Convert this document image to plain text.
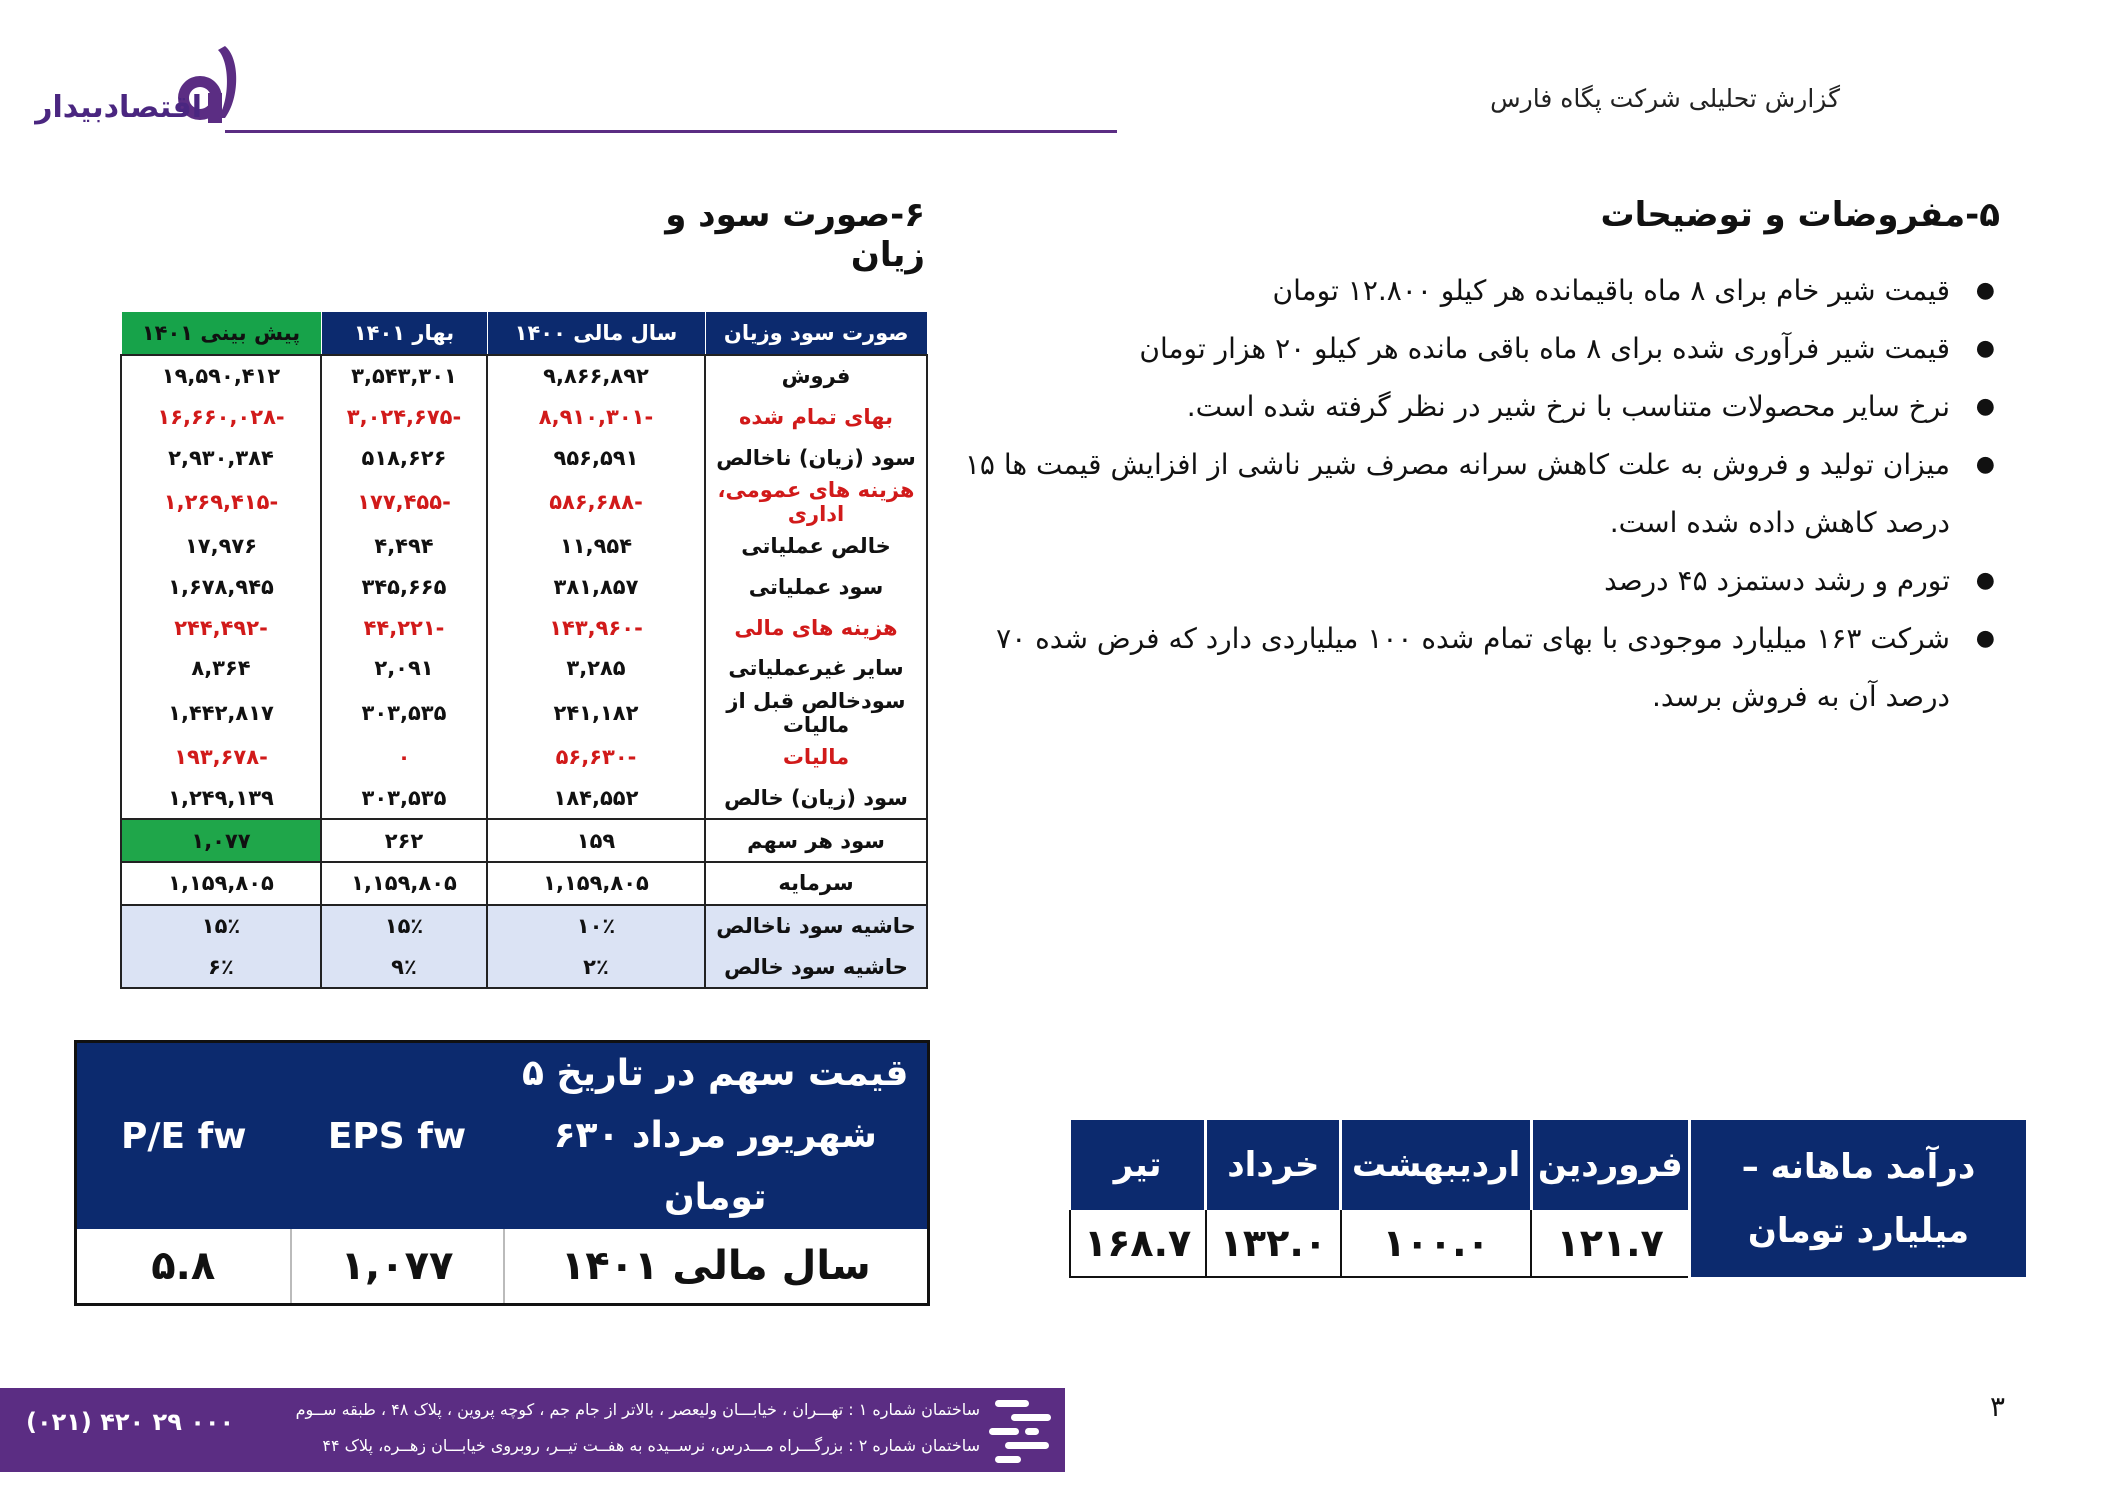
اقتصادبیدار	گزارش تحلیلی شرکت پگاه فارس
۵-مفروضات و توضیحات
● قیمت شیر خام برای ۸ ماه باقیمانده هر کیلو ۱۲.۸۰۰ تومان
● قیمت شیر فرآوری شده برای ۸ ماه باقی مانده هر کیلو ۲۰ هزار تومان
● نرخ سایر محصولات متناسب با نرخ شیر در نظر گرفته شده است.
● میزان تولید و فروش به علت کاهش سرانه مصرف شیر ناشی از افزایش قیمت ها ۱۵ درصد کاهش داده شده است.
● تورم و رشد دستمزد ۴۵ درصد
● شرکت ۱۶۳ میلیارد موجودی با بهای تمام شده ۱۰۰ میلیاردی دارد که فرض شده ۷۰ درصد آن به فروش برسد.
۶-صورت سود و زیان
صورت سود وزیان	سال مالی ۱۴۰۰	بهار ۱۴۰۱	پیش بینی ۱۴۰۱
فروش	۹,۸۶۶,۸۹۲	۳,۵۴۳,۳۰۱	۱۹,۵۹۰,۴۱۲
بهای تمام شده	-۸,۹۱۰,۳۰۱	-۳,۰۲۴,۶۷۵	-۱۶,۶۶۰,۰۲۸
سود (زیان) ناخالص	۹۵۶,۵۹۱	۵۱۸,۶۲۶	۲,۹۳۰,۳۸۴
هزینه های عمومی، اداری	-۵۸۶,۶۸۸	-۱۷۷,۴۵۵	-۱,۲۶۹,۴۱۵
خالص عملیاتی	۱۱,۹۵۴	۴,۴۹۴	۱۷,۹۷۶
سود عملیاتی	۳۸۱,۸۵۷	۳۴۵,۶۶۵	۱,۶۷۸,۹۴۵
هزینه های مالی	-۱۴۳,۹۶۰	-۴۴,۲۲۱	-۲۴۴,۴۹۲
سایر غیرعملیاتی	۳,۲۸۵	۲,۰۹۱	۸,۳۶۴
سودخالص قبل از مالیات	۲۴۱,۱۸۲	۳۰۳,۵۳۵	۱,۴۴۲,۸۱۷
مالیات	-۵۶,۶۳۰	۰	-۱۹۳,۶۷۸
سود (زیان) خالص	۱۸۴,۵۵۲	۳۰۳,۵۳۵	۱,۲۴۹,۱۳۹
سود هر سهم	۱۵۹	۲۶۲	۱,۰۷۷
سرمایه	۱,۱۵۹,۸۰۵	۱,۱۵۹,۸۰۵	۱,۱۵۹,۸۰۵
حاشیه سود ناخالص	۱۰٪	۱۵٪	۱۵٪
حاشیه سود خالص	۲٪	۹٪	۶٪
قیمت سهم در تاریخ ۵ شهریور مرداد ۶۳۰ تومان	EPS fw	P/E fw
سال مالی ۱۴۰۱	۱,۰۷۷	۵.۸
درآمد ماهانه – میلیارد تومان	فروردین	اردیبهشت	خرداد	تیر
	۱۲۱.۷	۱۰۰.۰	۱۳۲.۰	۱۶۸.۷
۳
(۰۲۱) ۴۲۰ ۲۹ ۰۰۰	ساختمان شماره ۱ : تهـــران ، خیابـــان ولیعصر ، بالاتر از جام جم ، کوچه پروین ، پلاک ۴۸ ، طبقه ســوم
ساختمان شماره ۲ : بزرگـــراه مـــدرس، نرســیده به هفــت تیــر، روبروی خیابـــان زهــره، پلاک ۴۴
